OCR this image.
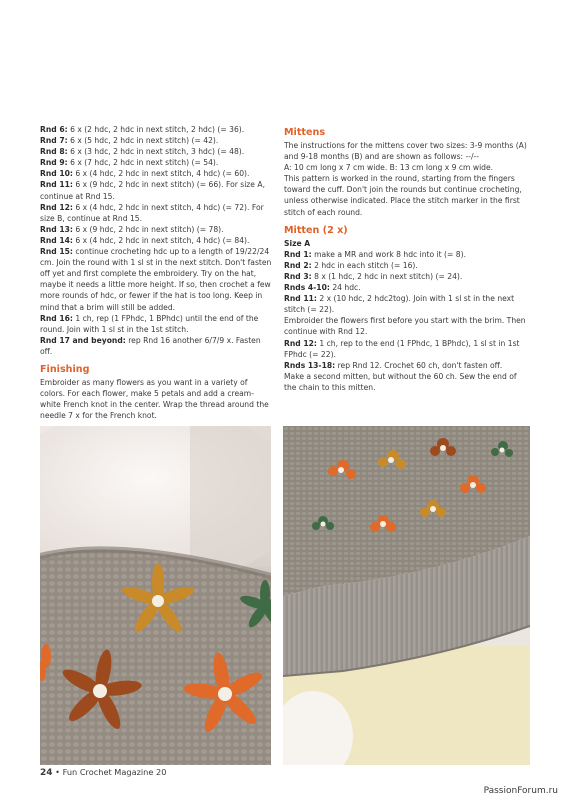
Rnd 6: 6 x (2 hdc, 2 hdc in next stitch, 2 hdc) (= 36).

Rnd 7: 6 x (5 hdc, 2 hdc in next stitch) (= 42).

Rnd 8: 6 x (3 hdc, 2 hdc in next stitch, 3 hdc) (= 48).

Rnd 9: 6 x (7 hdc, 2 hdc in next stitch) (= 54).

Rnd 10: 6 x (4 hdc, 2 hdc in next stitch, 4 hdc) (= 60).

Rnd 11: 6 x (9 hdc, 2 hdc in next stitch) (= 66). For size A, continue at Rnd 15.

Rnd 12: 6 x (4 hdc, 2 hdc in next stitch, 4 hdc) (= 72). For size B, continue at Rnd 15.

Rnd 13: 6 x (9 hdc, 2 hdc in next stitch) (= 78).

Rnd 14: 6 x (4 hdc, 2 hdc in next stitch, 4 hdc) (= 84).

Rnd 15: continue crocheting hdc up to a length of 19/22/24 cm. Join the round with 1 sl st in the next stitch. Don't fasten off yet and first complete the embroidery. Try on the hat, maybe it needs a little more height. If so, then crochet a few more rounds of hdc, or fewer if the hat is too long. Keep in mind that a brim will still be added.

Rnd 16: 1 ch, rep (1 FPhdc, 1 BPhdc) until the end of the round. Join with 1 sl st in the 1st stitch.

Rnd 17 and beyond: rep Rnd 16 another 6/7/9 x. Fasten off.

Finishing

Embroider as many flowers as you want in a variety of colors. For each flower, make 5 petals and add a cream-white French knot in the center. Wrap the thread around the needle 7 x for the French knot.

Mittens

The instructions for the mittens cover two sizes: 3-9 months (A) and 9-18 months (B) and are shown as follows: --/--

A: 10 cm long x 7 cm wide. B: 13 cm long x 9 cm wide.

This pattern is worked in the round, starting from the fingers toward the cuff. Don't join the rounds but continue crocheting, unless otherwise indicated. Place the stitch marker in the first stitch of each round.

Mitten (2 x)

Size A

Rnd 1: make a MR and work 8 hdc into it (= 8).

Rnd 2: 2 hdc in each stitch (= 16).

Rnd 3: 8 x (1 hdc, 2 hdc in next stitch) (= 24).

Rnds 4-10: 24 hdc.

Rnd 11: 2 x (10 hdc, 2 hdc2tog). Join with 1 sl st in the next stitch (= 22).

Embroider the flowers first before you start with the brim. Then continue with Rnd 12.

Rnd 12: 1 ch, rep to the end (1 FPhdc, 1 BPhdc), 1 sl st in 1st FPhdc (= 22).

Rnds 13-18: rep Rnd 12. Crochet 60 ch, don't fasten off.

Make a second mitten, but without the 60 ch. Sew the end of the chain to this mitten.

24 • Fun Crochet Magazine 20
PassionForum.ru
